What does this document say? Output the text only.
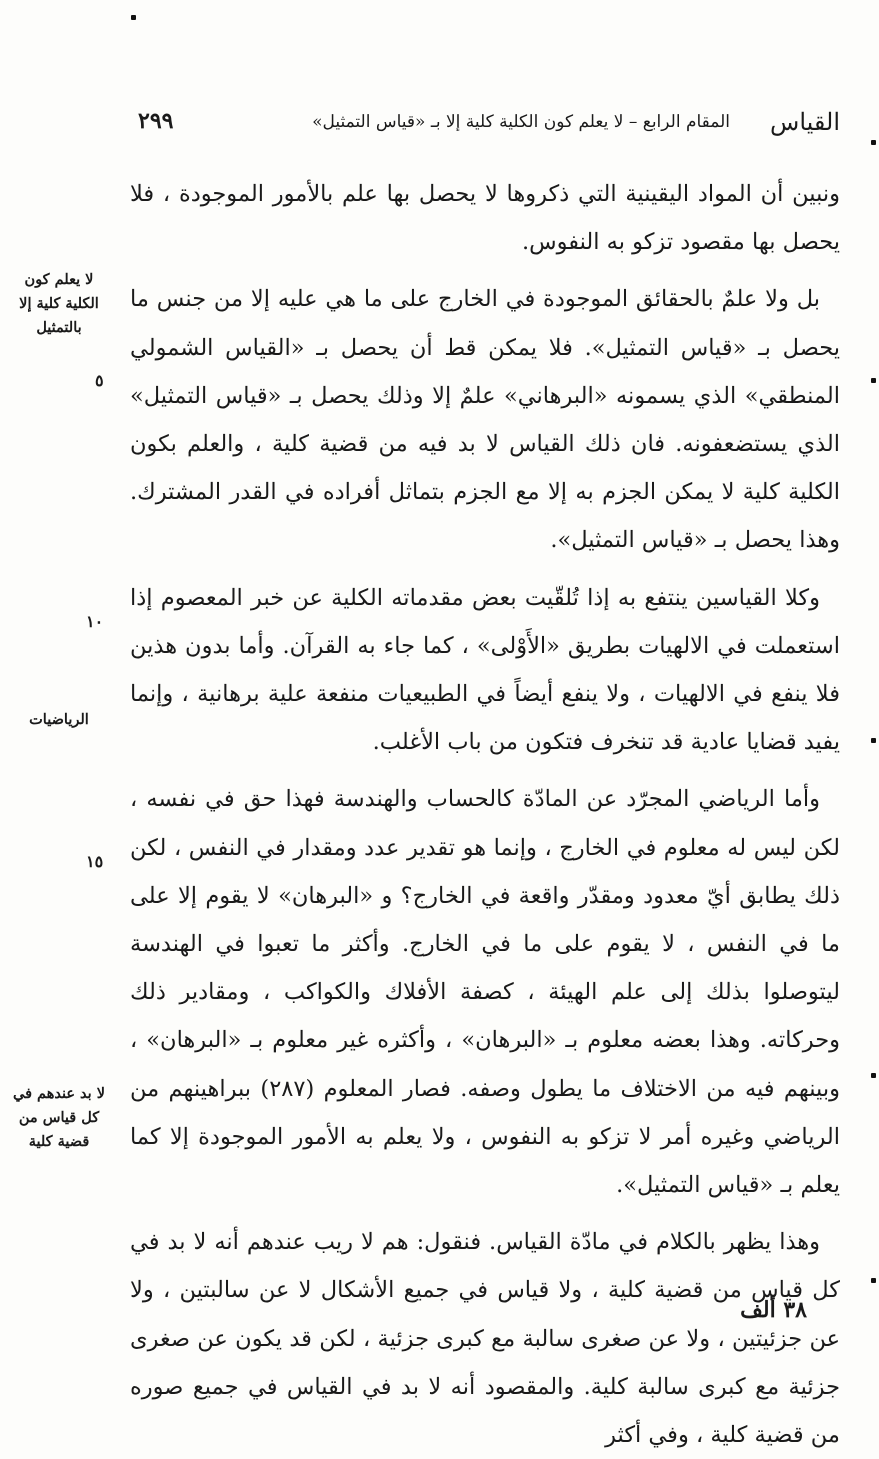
القياس
المقام الرابع – لا يعلم كون الكلية كلية إلا بـ «قياس التمثيل»
٢٩٩

ونبين أن المواد اليقينية التي ذكروها لا يحصل بها علم بالأمور الموجودة ، فلا يحصل بها مقصود تزكو به النفوس.

بل ولا علمٌ بالحقائق الموجودة في الخارج على ما هي عليه إلا من جنس ما يحصل بـ «قياس التمثيل». فلا يمكن قط أن يحصل بـ «القياس الشمولي المنطقي» الذي يسمونه «البرهاني» علمٌ إلا وذلك يحصل بـ «قياس التمثيل» الذي يستضعفونه. فان ذلك القياس لا بد فيه من قضية كلية ، والعلم بكون الكلية كلية لا يمكن الجزم به إلا مع الجزم بتماثل أفراده في القدر المشترك. وهذا يحصل بـ «قياس التمثيل».

وكلا القياسين ينتفع به إذا تُلقّيت بعض مقدماته الكلية عن خبر المعصوم إذا استعملت في الالهيات بطريق «الأَوْلى» ، كما جاء به القرآن. وأما بدون هذين فلا ينفع في الالهيات ، ولا ينفع أيضاً في الطبيعيات منفعة علية برهانية ، وإنما يفيد قضايا عادية قد تنخرف فتكون من باب الأغلب.

وأما الرياضي المجرّد عن المادّة كالحساب والهندسة فهذا حق في نفسه ، لكن ليس له معلوم في الخارج ، وإنما هو تقدير عدد ومقدار في النفس ، لكن ذلك يطابق أيّ معدود ومقدّر واقعة في الخارج؟ و «البرهان» لا يقوم إلا على ما في النفس ، لا يقوم على ما في الخارج. وأكثر ما تعبوا في الهندسة ليتوصلوا بذلك إلى علم الهيئة ، كصفة الأفلاك والكواكب ، ومقادير ذلك وحركاته. وهذا بعضه معلوم بـ «البرهان» ، وأكثره غير معلوم بـ «البرهان» ، وبينهم فيه من الاختلاف ما يطول وصفه. فصار المعلوم (٢٨٧) ببراهينهم من الرياضي وغيره أمر لا تزكو به النفوس ، ولا يعلم به الأمور الموجودة إلا كما يعلم بـ «قياس التمثيل».

وهذا يظهر بالكلام في مادّة القياس. فنقول: هم لا ريب عندهم أنه لا بد في كل قياس من قضية كلية ، ولا قياس في جميع الأشكال لا عن سالبتين ، ولا عن جزئيتين ، ولا عن صغرى سالبة مع كبرى جزئية ، لكن قد يكون عن صغرى جزئية مع كبرى سالبة كلية. والمقصود أنه لا بد في القياس في جميع صوره من قضية كلية ، وفي أكثر

لا يعلم كون الكلية كلية إلا بالتمثيل
الرياضيات
لا بد عندهم في كل قياس من قضية كلية
٥
١٠
١٥
٣٨ ألف
